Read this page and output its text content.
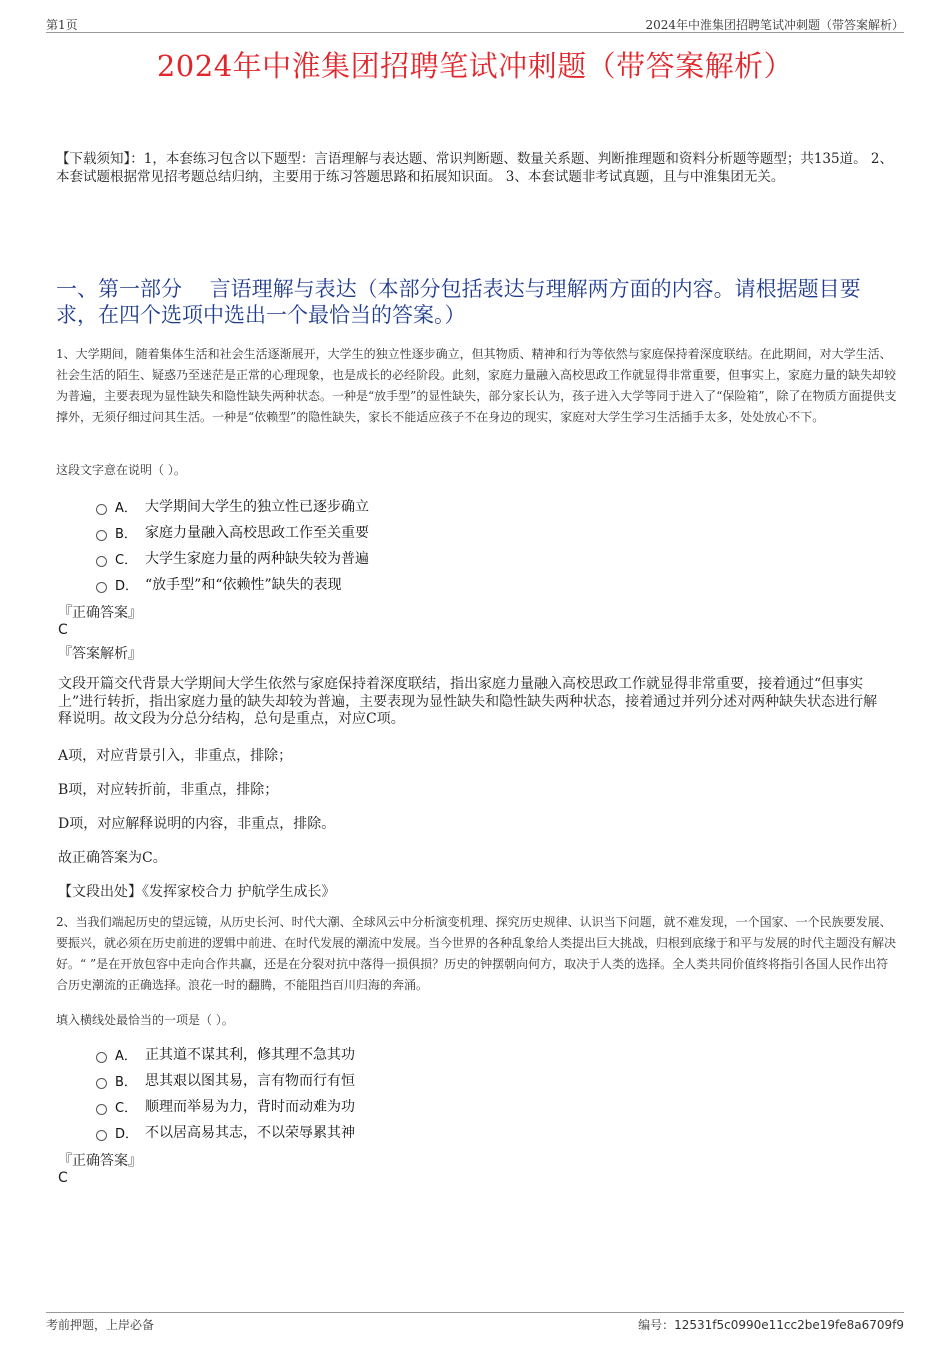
第1页	2024年中淮集团招聘笔试冲刺题（带答案解析）
2024年中淮集团招聘笔试冲刺题（带答案解析）
【下载须知】：1，本套练习包含以下题型：言语理解与表达题、常识判断题、数量关系题、判断推理题和资料分析题等题型；共135道。 2、本套试题根据常见招考题总结归纳，主要用于练习答题思路和拓展知识面。 3、本套试题非考试真题，且与中淮集团无关。
一、第一部分　 言语理解与表达（本部分包括表达与理解两方面的内容。请根据题目要求，在四个选项中选出一个最恰当的答案。）
1、大学期间，随着集体生活和社会生活逐渐展开，大学生的独立性逐步确立，但其物质、精神和行为等依然与家庭保持着深度联结。在此期间，对大学生活、社会生活的陌生、疑惑乃至迷茫是正常的心理现象，也是成长的必经阶段。此刻，家庭力量融入高校思政工作就显得非常重要，但事实上，家庭力量的缺失却较为普遍，主要表现为显性缺失和隐性缺失两种状态。一种是“放手型”的显性缺失，部分家长认为，孩子进入大学等同于进入了“保险箱”，除了在物质方面提供支撑外，无须仔细过问其生活。一种是“依赖型”的隐性缺失，家长不能适应孩子不在身边的现实，家庭对大学生学习生活插手太多，处处放心不下。
这段文字意在说明（ ）。
A． 大学期间大学生的独立性已逐步确立
B． 家庭力量融入高校思政工作至关重要
C． 大学生家庭力量的两种缺失较为普遍
D． “放手型”和“依赖性”缺失的表现
『正确答案』
C
『答案解析』
文段开篇交代背景大学期间大学生依然与家庭保持着深度联结，指出家庭力量融入高校思政工作就显得非常重要，接着通过“但事实上”进行转折，指出家庭力量的缺失却较为普遍，主要表现为显性缺失和隐性缺失两种状态，接着通过并列分述对两种缺失状态进行解释说明。故文段为分总分结构，总句是重点，对应C项。
A项，对应背景引入，非重点，排除；
B项，对应转折前，非重点，排除；
D项，对应解释说明的内容，非重点，排除。
故正确答案为C。
【文段出处】《发挥家校合力 护航学生成长》
2、当我们端起历史的望远镜，从历史长河、时代大潮、全球风云中分析演变机理、探究历史规律、认识当下问题，就不难发现，一个国家、一个民族要发展、要振兴，就必须在历史前进的逻辑中前进、在时代发展的潮流中发展。当今世界的各种乱象给人类提出巨大挑战，归根到底缘于和平与发展的时代主题没有解决好。“ ”是在开放包容中走向合作共赢，还是在分裂对抗中落得一损俱损？历史的钟摆朝向何方，取决于人类的选择。全人类共同价值终将指引各国人民作出符合历史潮流的正确选择。浪花一时的翻腾，不能阻挡百川归海的奔涌。
填入横线处最恰当的一项是（ ）。
A． 正其道不谋其利，修其理不急其功
B． 思其艰以图其易，言有物而行有恒
C． 顺理而举易为力，背时而动难为功
D． 不以居高易其志，不以荣辱累其神
『正确答案』
C
考前押题，上岸必备	编号：12531f5c0990e11cc2be19fe8a6709f9
